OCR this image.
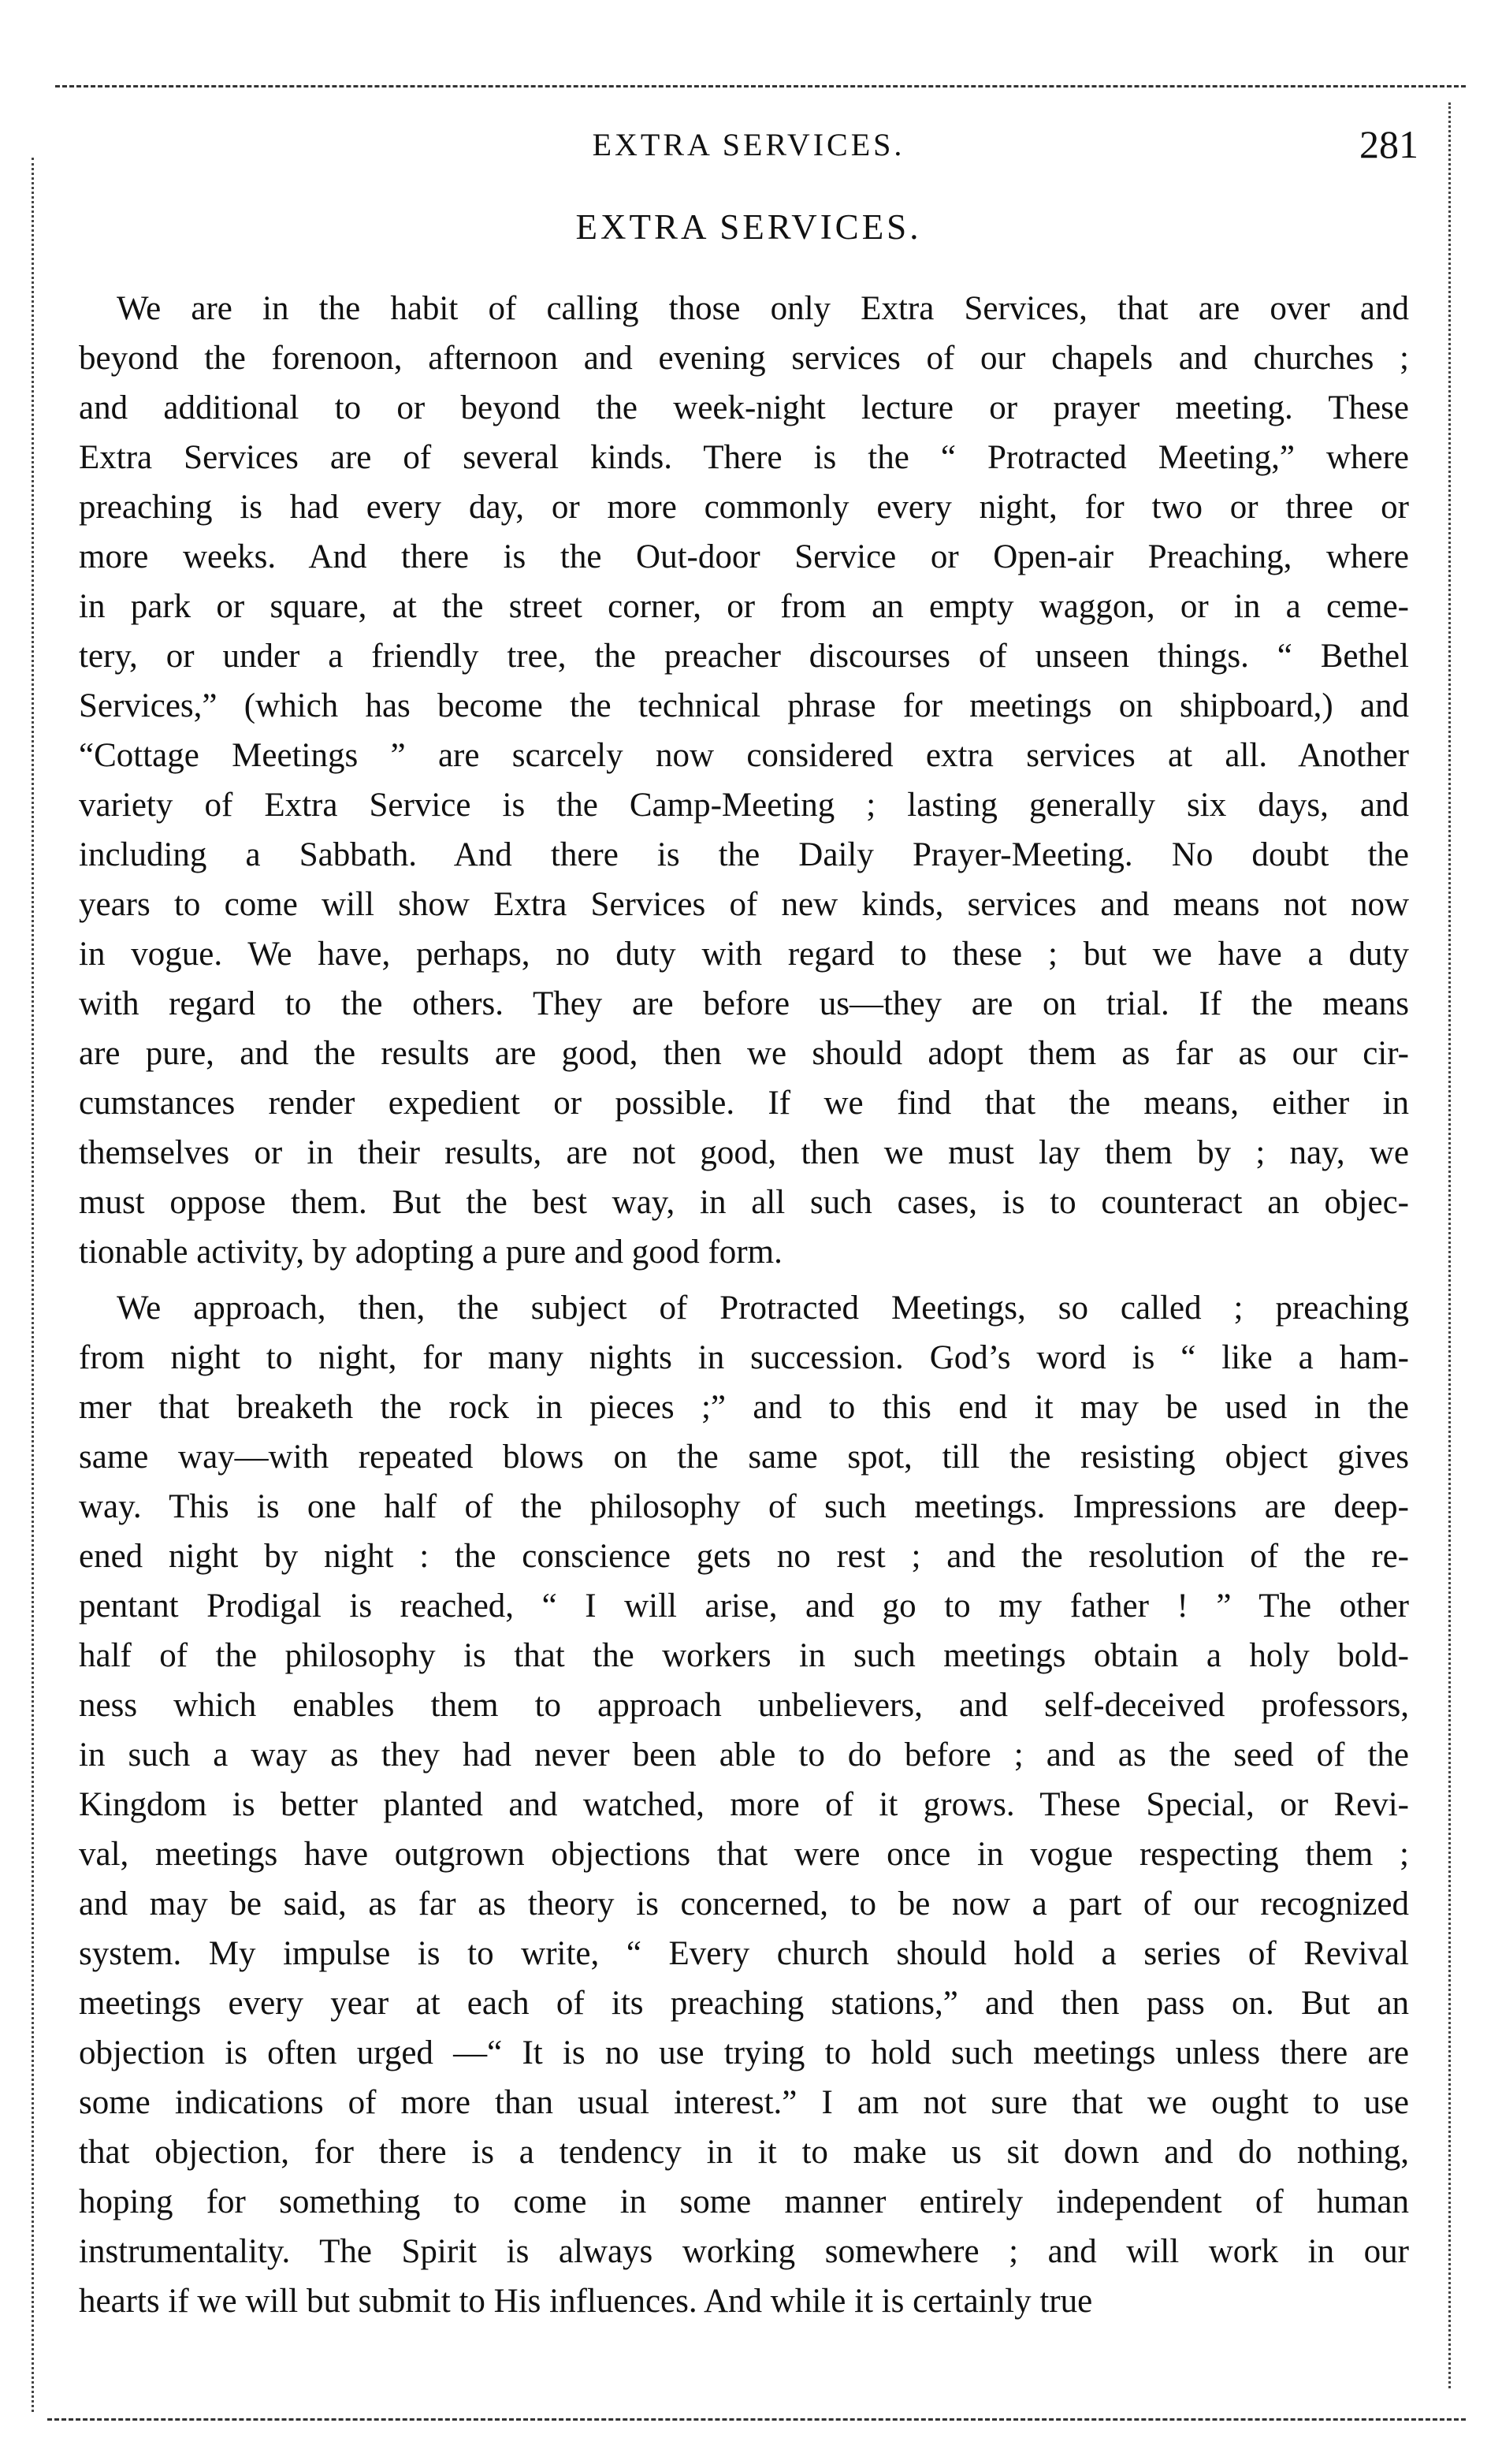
EXTRA SERVICES.	281
EXTRA SERVICES.
We are in the habit of calling those only Extra Services, that are over and
beyond the forenoon, afternoon and evening services of our chapels and churches ;
and additional to or beyond the week-night lecture or prayer meeting. These
Extra Services are of several kinds. There is the “ Protracted Meeting,” where
preaching is had every day, or more commonly every night, for two or three or
more weeks. And there is the Out-door Service or Open-air Preaching, where
in park or square, at the street corner, or from an empty waggon, or in a ceme-
tery, or under a friendly tree, the preacher discourses of unseen things. “ Bethel
Services,” (which has become the technical phrase for meetings on shipboard,) and
“Cottage Meetings ” are scarcely now considered extra services at all. Another
variety of Extra Service is the Camp-Meeting ; lasting generally six days, and
including a Sabbath. And there is the Daily Prayer-Meeting. No doubt the
years to come will show Extra Services of new kinds, services and means not now
in vogue. We have, perhaps, no duty with regard to these ; but we have a duty
with regard to the others. They are before us—they are on trial. If the means
are pure, and the results are good, then we should adopt them as far as our cir-
cumstances render expedient or possible. If we find that the means, either in
themselves or in their results, are not good, then we must lay them by ; nay, we
must oppose them. But the best way, in all such cases, is to counteract an objec-
tionable activity, by adopting a pure and good form.
We approach, then, the subject of Protracted Meetings, so called ; preaching
from night to night, for many nights in succession. God’s word is “ like a ham-
mer that breaketh the rock in pieces ;” and to this end it may be used in the
same way—with repeated blows on the same spot, till the resisting object gives
way. This is one half of the philosophy of such meetings. Impressions are deep-
ened night by night : the conscience gets no rest ; and the resolution of the re-
pentant Prodigal is reached, “ I will arise, and go to my father ! ” The other
half of the philosophy is that the workers in such meetings obtain a holy bold-
ness which enables them to approach unbelievers, and self-deceived professors,
in such a way as they had never been able to do before ; and as the seed of the
Kingdom is better planted and watched, more of it grows. These Special, or Revi-
val, meetings have outgrown objections that were once in vogue respecting them ;
and may be said, as far as theory is concerned, to be now a part of our recognized
system. My impulse is to write, “ Every church should hold a series of Revival
meetings every year at each of its preaching stations,” and then pass on. But an
objection is often urged —“ It is no use trying to hold such meetings unless there are
some indications of more than usual interest.” I am not sure that we ought to use
that objection, for there is a tendency in it to make us sit down and do nothing,
hoping for something to come in some manner entirely independent of human
instrumentality. The Spirit is always working somewhere ; and will work in our
hearts if we will but submit to His influences. And while it is certainly true
